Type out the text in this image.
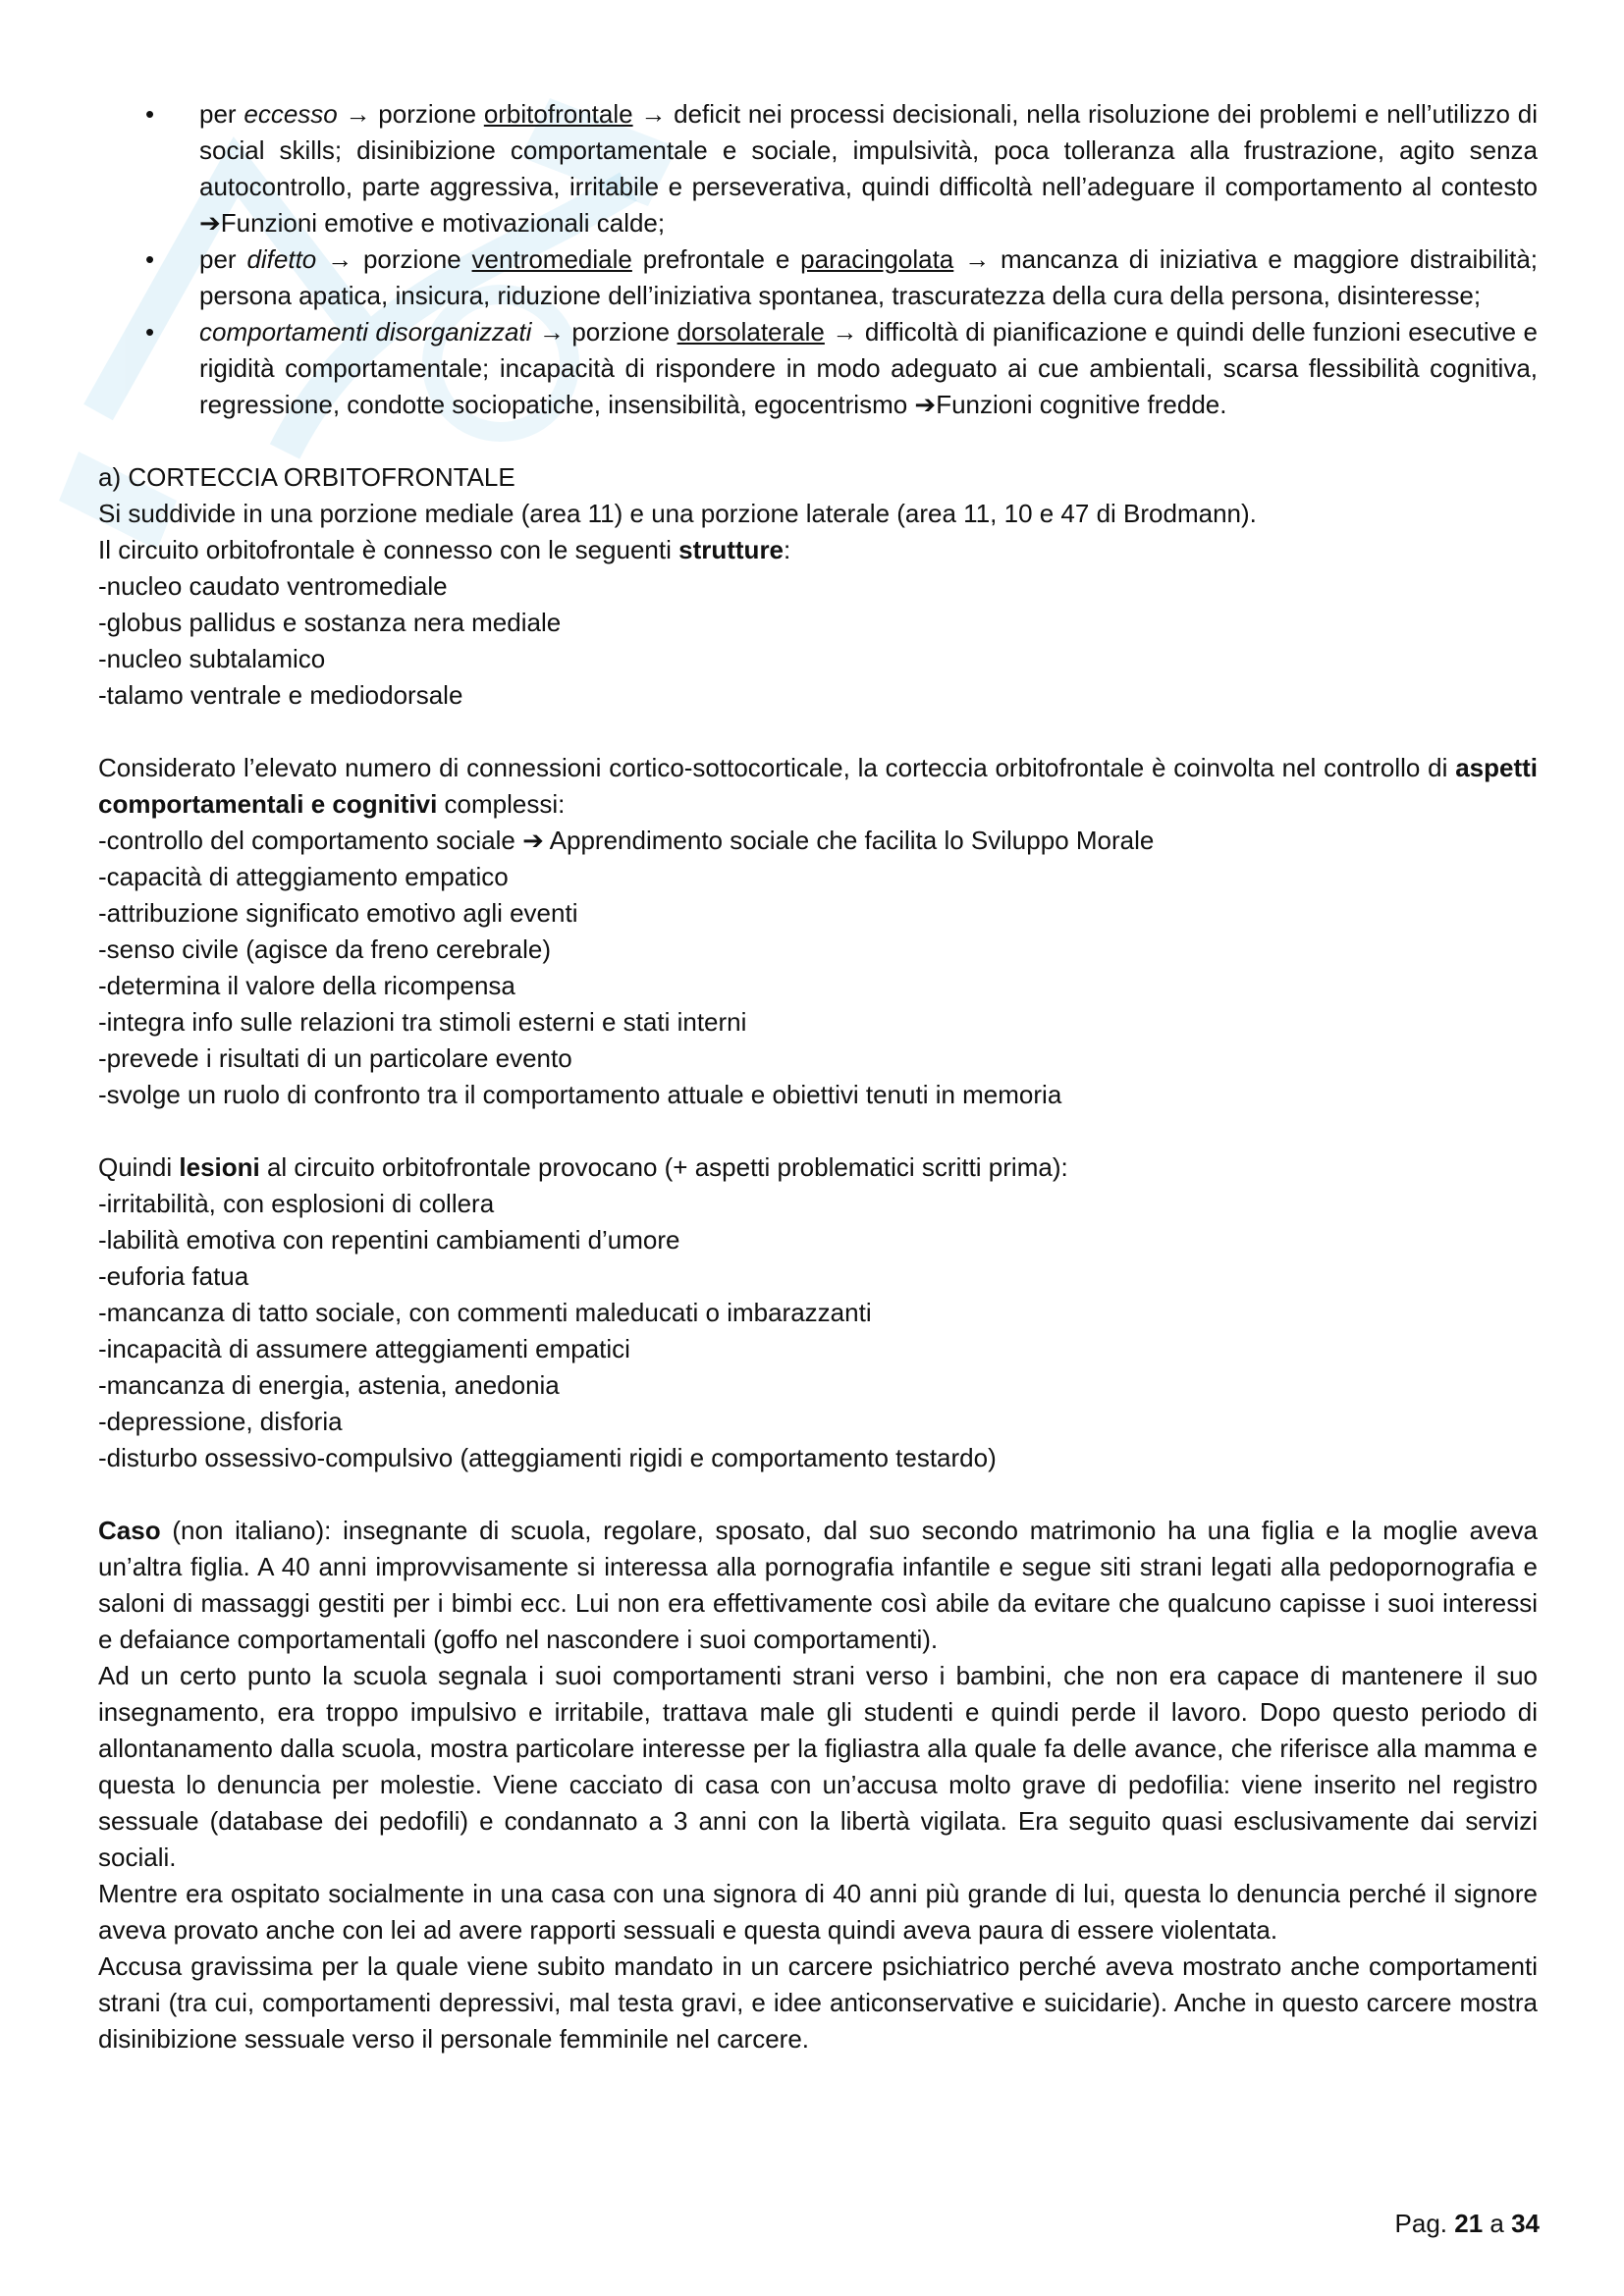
• per eccesso → porzione orbitofrontale → deficit nei processi decisionali, nella risoluzione dei problemi e nell’utilizzo di social skills; disinibizione comportamentale e sociale, impulsività, poca tolleranza alla frustrazione, agito senza autocontrollo, parte aggressiva, irritabile e perseverativa, quindi difficoltà nell’adeguare il comportamento al contesto ➔Funzioni emotive e motivazionali calde;
• per difetto → porzione ventromediale prefrontale e paracingolata → mancanza di iniziativa e maggiore distraibilità; persona apatica, insicura, riduzione dell’iniziativa spontanea, trascuratezza della cura della persona, disinteresse;
• comportamenti disorganizzati → porzione dorsolaterale → difficoltà di pianificazione e quindi delle funzioni esecutive e rigidità comportamentale; incapacità di rispondere in modo adeguato ai cue ambientali, scarsa flessibilità cognitiva, regressione, condotte sociopatiche, insensibilità, egocentrismo ➔Funzioni cognitive fredde.
a) CORTECCIA ORBITOFRONTALE
Si suddivide in una porzione mediale (area 11) e una porzione laterale (area 11, 10 e 47 di Brodmann).
Il circuito orbitofrontale è connesso con le seguenti strutture:
-nucleo caudato ventromediale
-globus pallidus e sostanza nera mediale
-nucleo subtalamico
-talamo ventrale e mediodorsale
Considerato l’elevato numero di connessioni cortico-sottocorticale, la corteccia orbitofrontale è coinvolta nel controllo di aspetti comportamentali e cognitivi complessi:
-controllo del comportamento sociale ➔ Apprendimento sociale che facilita lo Sviluppo Morale
-capacità di atteggiamento empatico
-attribuzione significato emotivo agli eventi
-senso civile (agisce da freno cerebrale)
-determina il valore della ricompensa
-integra info sulle relazioni tra stimoli esterni e stati interni
-prevede i risultati di un particolare evento
-svolge un ruolo di confronto tra il comportamento attuale e obiettivi tenuti in memoria
Quindi lesioni al circuito orbitofrontale provocano (+ aspetti problematici scritti prima):
-irritabilità, con esplosioni di collera
-labilità emotiva con repentini cambiamenti d’umore
-euforia fatua
-mancanza di tatto sociale, con commenti maleducati o imbarazzanti
-incapacità di assumere atteggiamenti empatici
-mancanza di energia, astenia, anedonia
-depressione, disforia
-disturbo ossessivo-compulsivo (atteggiamenti rigidi e comportamento testardo)
Caso (non italiano): insegnante di scuola, regolare, sposato, dal suo secondo matrimonio ha una figlia e la moglie aveva un’altra figlia. A 40 anni improvvisamente si interessa alla pornografia infantile e segue siti strani legati alla pedopornografia e saloni di massaggi gestiti per i bimbi ecc. Lui non era effettivamente così abile da evitare che qualcuno capisse i suoi interessi e defaiance comportamentali (goffo nel nascondere i suoi comportamenti).
Ad un certo punto la scuola segnala i suoi comportamenti strani verso i bambini, che non era capace di mantenere il suo insegnamento, era troppo impulsivo e irritabile, trattava male gli studenti e quindi perde il lavoro. Dopo questo periodo di allontanamento dalla scuola, mostra particolare interesse per la figliastra alla quale fa delle avance, che riferisce alla mamma e questa lo denuncia per molestie. Viene cacciato di casa con un’accusa molto grave di pedofilia: viene inserito nel registro sessuale (database dei pedofili) e condannato a 3 anni con la libertà vigilata. Era seguito quasi esclusivamente dai servizi sociali.
Mentre era ospitato socialmente in una casa con una signora di 40 anni più grande di lui, questa lo denuncia perché il signore aveva provato anche con lei ad avere rapporti sessuali e questa quindi aveva paura di essere violentata.
Accusa gravissima per la quale viene subito mandato in un carcere psichiatrico perché aveva mostrato anche comportamenti strani (tra cui, comportamenti depressivi, mal testa gravi, e idee anticonservative e suicidarie). Anche in questo carcere mostra disinibizione sessuale verso il personale femminile nel carcere.
Pag. 21 a 34
